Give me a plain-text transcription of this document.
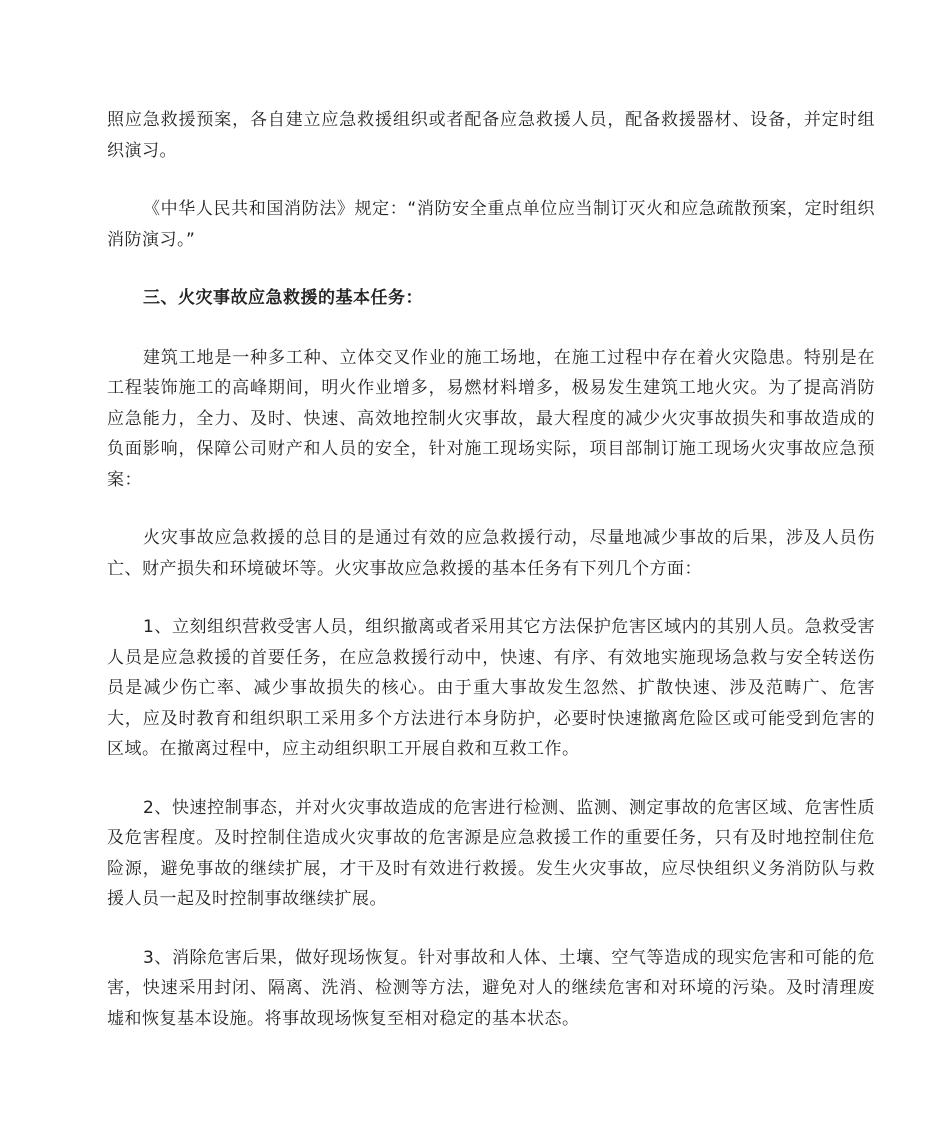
照应急救援预案，各自建立应急救援组织或者配备应急救援人员，配备救援器材、设备，并定时组织演习。

《中华人民共和国消防法》规定：“消防安全重点单位应当制订灭火和应急疏散预案，定时组织消防演习。”

三、火灾事故应急救援的基本任务：

建筑工地是一种多工种、立体交叉作业的施工场地，在施工过程中存在着火灾隐患。特别是在工程装饰施工的高峰期间，明火作业增多，易燃材料增多，极易发生建筑工地火灾。为了提高消防应急能力，全力、及时、快速、高效地控制火灾事故，最大程度的减少火灾事故损失和事故造成的负面影响，保障公司财产和人员的安全，针对施工现场实际，项目部制订施工现场火灾事故应急预案：

火灾事故应急救援的总目的是通过有效的应急救援行动，尽量地减少事故的后果，涉及人员伤亡、财产损失和环境破坏等。火灾事故应急救援的基本任务有下列几个方面：

1、立刻组织营救受害人员，组织撤离或者采用其它方法保护危害区域内的其别人员。急救受害人员是应急救援的首要任务，在应急救援行动中，快速、有序、有效地实施现场急救与安全转送伤员是减少伤亡率、减少事故损失的核心。由于重大事故发生忽然、扩散快速、涉及范畴广、危害大，应及时教育和组织职工采用多个方法进行本身防护，必要时快速撤离危险区或可能受到危害的区域。在撤离过程中，应主动组织职工开展自救和互救工作。

2、快速控制事态，并对火灾事故造成的危害进行检测、监测、测定事故的危害区域、危害性质及危害程度。及时控制住造成火灾事故的危害源是应急救援工作的重要任务，只有及时地控制住危险源，避免事故的继续扩展，才干及时有效进行救援。发生火灾事故，应尽快组织义务消防队与救援人员一起及时控制事故继续扩展。

3、消除危害后果，做好现场恢复。针对事故和人体、土壤、空气等造成的现实危害和可能的危害，快速采用封闭、隔离、洗消、检测等方法，避免对人的继续危害和对环境的污染。及时清理废墟和恢复基本设施。将事故现场恢复至相对稳定的基本状态。
